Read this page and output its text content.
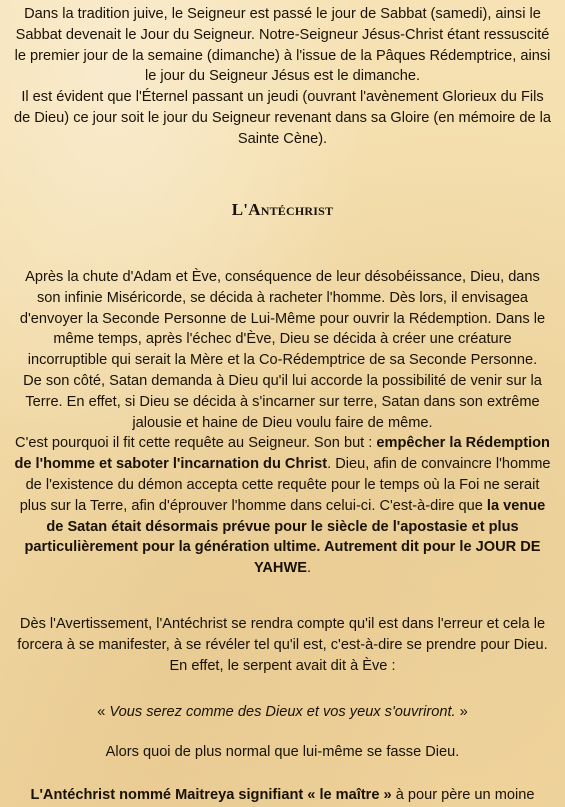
Dans la tradition juive, le Seigneur est passé le jour de Sabbat (samedi), ainsi le
Sabbat devenait le Jour du Seigneur. Notre-Seigneur Jésus-Christ étant ressuscité
le premier jour de la semaine (dimanche) à l'issue de la Pâques Rédemptrice, ainsi
le jour du Seigneur Jésus est le dimanche.
Il est évident que l'Éternel passant un jeudi (ouvrant l'avènement Glorieux du Fils
de Dieu) ce jour soit le jour du Seigneur revenant dans sa Gloire (en mémoire de la
Sainte Cène).

L'Antéchrist

Après la chute d'Adam et Ève, conséquence de leur désobéissance, Dieu, dans
son infinie Miséricorde, se décida à racheter l'homme. Dès lors, il envisagea
d'envoyer la Seconde Personne de Lui-Même pour ouvrir la Rédemption. Dans le
même temps, après l'échec d'Ève, Dieu se décida à créer une créature
incorruptible qui serait la Mère et la Co-Rédemptrice de sa Seconde Personne.
De son côté, Satan demanda à Dieu qu'il lui accorde la possibilité de venir sur la
Terre. En effet, si Dieu se décida à s'incarner sur terre, Satan dans son extrême
jalousie et haine de Dieu voulu faire de même.
C'est pourquoi il fit cette requête au Seigneur. Son but : empêcher la Rédemption
de l'homme et saboter l'incarnation du Christ. Dieu, afin de convaincre l'homme
de l'existence du démon accepta cette requête pour le temps où la Foi ne serait
plus sur la Terre, afin d'éprouver l'homme dans celui-ci. C'est-à-dire que la venue
de Satan était désormais prévue pour le siècle de l'apostasie et plus
particulièrement pour la génération ultime. Autrement dit pour le JOUR DE
YAHWE.

Dès l'Avertissement, l'Antéchrist se rendra compte qu'il est dans l'erreur et cela le
forcera à se manifester, à se révéler tel qu'il est, c'est-à-dire se prendre pour Dieu.
En effet, le serpent avait dit à Ève :

« Vous serez comme des Dieux et vos yeux s'ouvriront. »

Alors quoi de plus normal que lui-même se fasse Dieu.

L'Antéchrist nommé Maitreya signifiant « le maître » à pour père un moine
